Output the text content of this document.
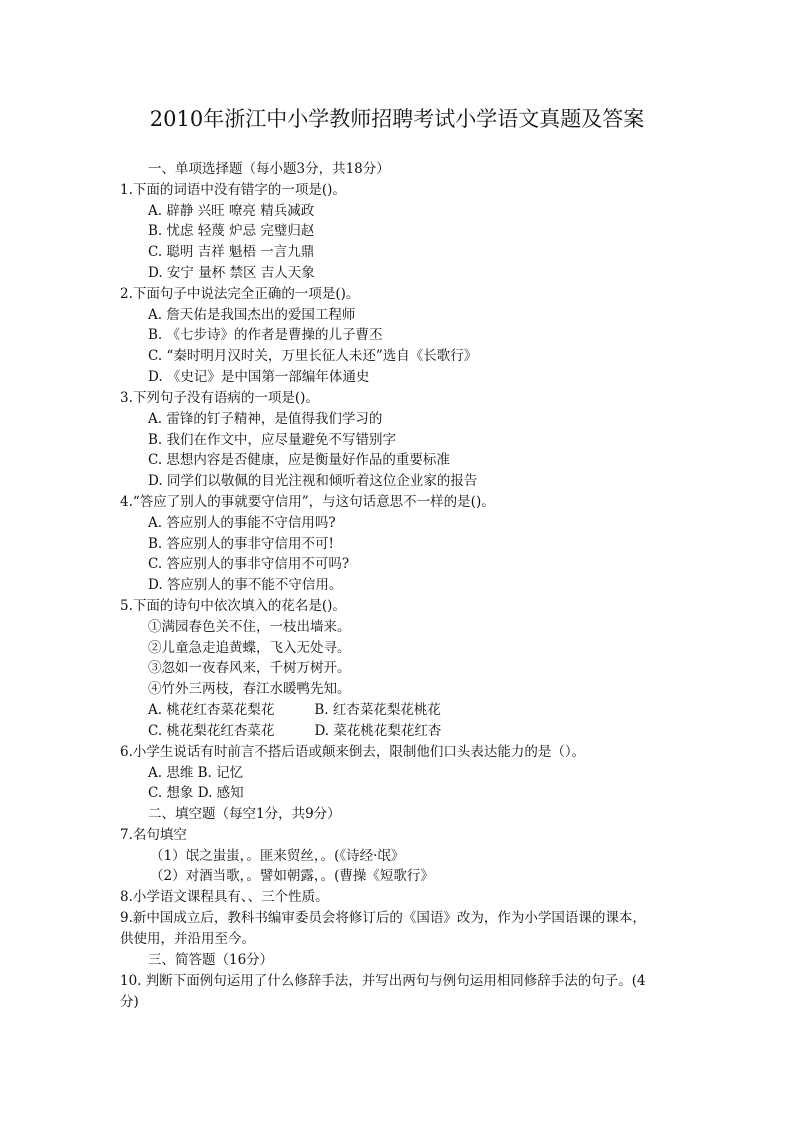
2010年浙江中小学教师招聘考试小学语文真题及答案
一、单项选择题（每小题3分，共18分）
1.下面的词语中没有错字的一项是()。
A. 辟静 兴旺 嘹亮 精兵减政
B. 忧虑 轻蔑 炉忌 完璧归赵
C. 聪明 吉祥 魁梧 一言九鼎
D. 安宁 量杯 禁区 吉人天象
2.下面句子中说法完全正确的一项是()。
A. 詹天佑是我国杰出的爱国工程师
B. 《七步诗》的作者是曹操的儿子曹丕
C. “秦时明月汉时关，万里长征人未还”选自《长歌行》
D. 《史记》是中国第一部编年体通史
3.下列句子没有语病的一项是()。
A. 雷锋的钉子精神，是值得我们学习的
B. 我们在作文中，应尽量避免不写错别字
C. 思想内容是否健康，应是衡量好作品的重要标准
D. 同学们以敬佩的目光注视和倾听着这位企业家的报告
4.“答应了别人的事就要守信用”，与这句话意思不一样的是()。
A. 答应别人的事能不守信用吗?
B. 答应别人的事非守信用不可!
C. 答应别人的事非守信用不可吗?
D. 答应别人的事不能不守信用。
5.下面的诗句中依次填入的花名是()。
①满园春色关不住，一枝出墙来。
②儿童急走追黄蝶，飞入无处寻。
③忽如一夜春风来，千树万树开。
④竹外三两枝，春江水暖鸭先知。
A. 桃花红杏菜花梨花	B. 红杏菜花梨花桃花
C. 桃花梨花红杏菜花	D. 菜花桃花梨花红杏
6.小学生说话有时前言不搭后语或颠来倒去，限制他们口头表达能力的是（）。
A. 思维 B. 记忆
C. 想象 D. 感知
二、填空题（每空1分，共9分）
7.名句填空
（1）氓之蚩蚩，。匪来贸丝，。(《诗经·氓》
（2）对酒当歌，。譬如朝露，。(曹操《短歌行》
8.小学语文课程具有、、三个性质。
9.新中国成立后，教科书编审委员会将修订后的《国语》改为，作为小学国语课的课本，
供使用，并沿用至今。
三、简答题（16分）
10. 判断下面例句运用了什么修辞手法，并写出两句与例句运用相同修辞手法的句子。(4
分)
